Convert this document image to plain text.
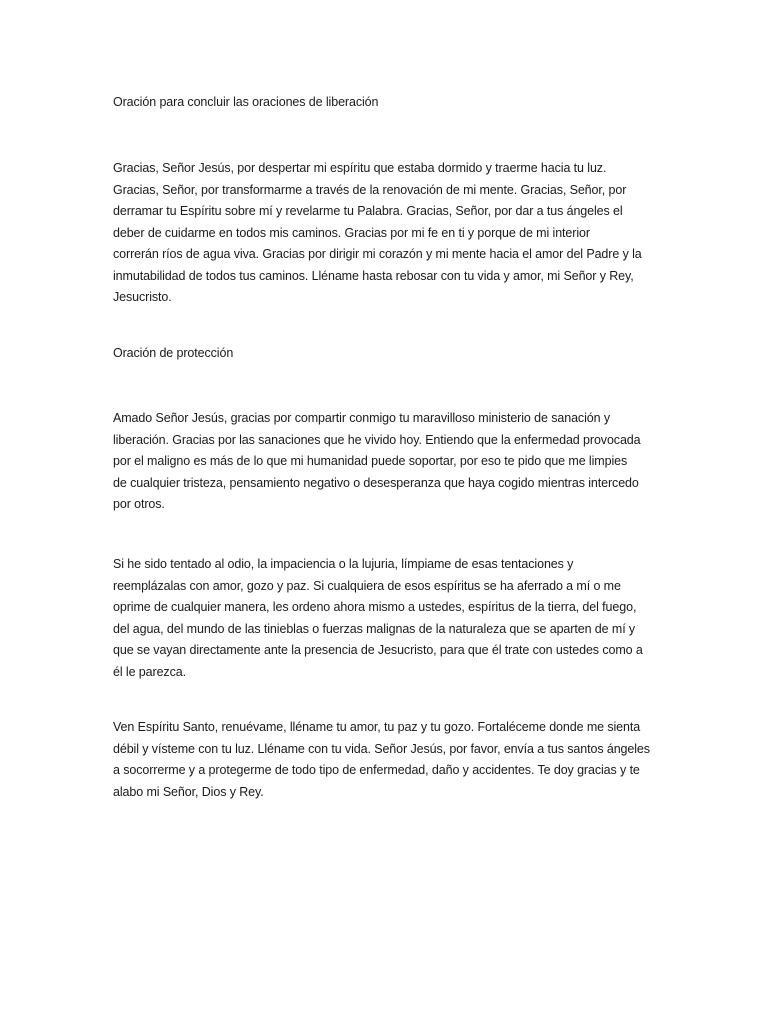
Oración para concluir las oraciones de liberación

Gracias, Señor Jesús, por despertar mi espíritu que estaba dormido y traerme hacia tu luz.
Gracias, Señor, por transformarme a través de la renovación de mi mente. Gracias, Señor, por
derramar tu Espíritu sobre mí y revelarme tu Palabra. Gracias, Señor, por dar a tus ángeles el
deber de cuidarme en todos mis caminos. Gracias por mi fe en ti y porque de mi interior
correrán ríos de agua viva. Gracias por dirigir mi corazón y mi mente hacia el amor del Padre y la
inmutabilidad de todos tus caminos. Lléname hasta rebosar con tu vida y amor, mi Señor y Rey,
Jesucristo.

Oración de protección

Amado Señor Jesús, gracias por compartir conmigo tu maravilloso ministerio de sanación y
liberación. Gracias por las sanaciones que he vivido hoy. Entiendo que la enfermedad provocada
por el maligno es más de lo que mi humanidad puede soportar, por eso te pido que me limpies
de cualquier tristeza, pensamiento negativo o desesperanza que haya cogido mientras intercedo
por otros.

Si he sido tentado al odio, la impaciencia o la lujuria, límpiame de esas tentaciones y
reemplázalas con amor, gozo y paz. Si cualquiera de esos espíritus se ha aferrado a mí o me
oprime de cualquier manera, les ordeno ahora mismo a ustedes, espíritus de la tierra, del fuego,
del agua, del mundo de las tinieblas o fuerzas malignas de la naturaleza que se aparten de mí y
que se vayan directamente ante la presencia de Jesucristo, para que él trate con ustedes como a
él le parezca.

Ven Espíritu Santo, renuévame, lléname tu amor, tu paz y tu gozo. Fortaléceme donde me sienta
débil y vísteme con tu luz. Lléname con tu vida. Señor Jesús, por favor, envía a tus santos ángeles
a socorrerme y a protegerme de todo tipo de enfermedad, daño y accidentes. Te doy gracias y te
alabo mi Señor, Dios y Rey.
